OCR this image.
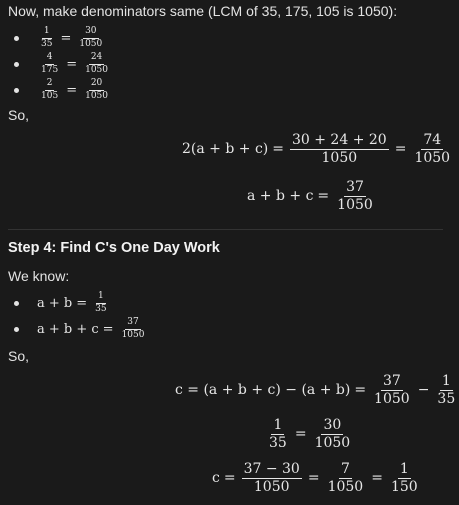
Now, make denominators same (LCM of 35, 175, 105 is 1050):
$\frac{1}{35} = \frac{30}{1050}$
$\frac{4}{175} = \frac{24}{1050}$
$\frac{2}{105} = \frac{20}{1050}$
So,
$2(a + b + c) = \frac{30 + 24 + 20}{1050} = \frac{74}{1050}$
$a + b + c = \frac{37}{1050}$
Step 4: Find C's One Day Work
We know:
$a + b = \frac{1}{35}$
$a + b + c = \frac{37}{1050}$
So,
$c = (a + b + c) - (a + b) = \frac{37}{1050} - \frac{1}{35}$
$\frac{1}{35} = \frac{30}{1050}$
$c = \frac{37 - 30}{1050} = \frac{7}{1050} = \frac{1}{150}$
